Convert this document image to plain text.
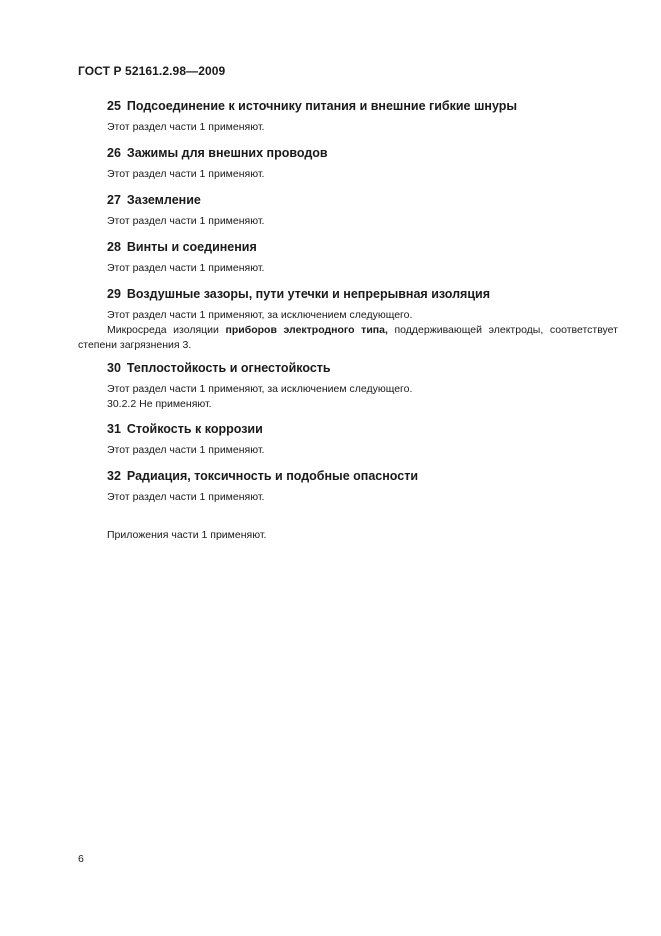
ГОСТ Р 52161.2.98—2009
25 Подсоединение к источнику питания и внешние гибкие шнуры
Этот раздел части 1 применяют.
26 Зажимы для внешних проводов
Этот раздел части 1 применяют.
27 Заземление
Этот раздел части 1 применяют.
28 Винты и соединения
Этот раздел части 1 применяют.
29 Воздушные зазоры, пути утечки и непрерывная изоляция
Этот раздел части 1 применяют, за исключением следующего.
Микросреда изоляции приборов электродного типа, поддерживающей электроды, соответствует степени загрязнения 3.
30 Теплостойкость и огнестойкость
Этот раздел части 1 применяют, за исключением следующего.
30.2.2 Не применяют.
31 Стойкость к коррозии
Этот раздел части 1 применяют.
32 Радиация, токсичность и подобные опасности
Этот раздел части 1 применяют.
Приложения части 1 применяют.
6
